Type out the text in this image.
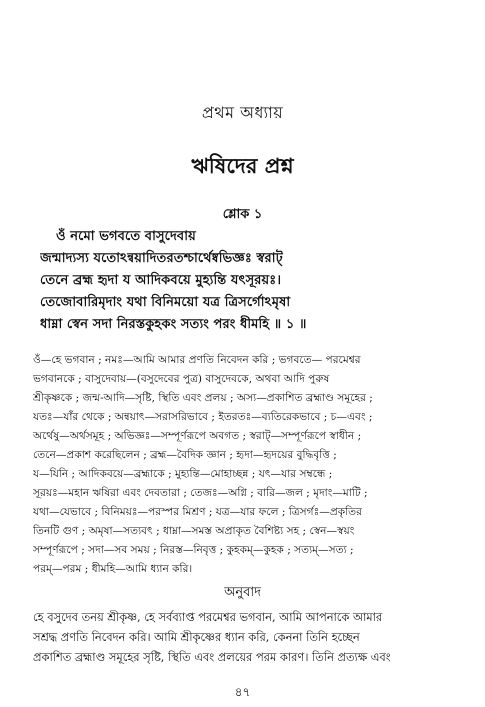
প্রথম অধ্যায়
ঋষিদের প্রশ্ন
শ্লোক ১
ওঁ নমো ভগবতে বাসুদেবায়
জন্মাদ্যস্য যতোঽন্বয়াদিতরতশ্চার্থেষ্বভিজ্ঞঃ স্বরাট্
তেনে ব্রহ্ম হৃদা য আদিকবয়ে মুহ্যন্তি যৎসূরয়ঃ।
তেজোবারিমৃদাং যথা বিনিময়ো যত্র ত্রিসর্গোঽমৃষা
ধাম্না স্বেন সদা নিরস্তকুহকং সত্যং পরং ধীমহি ॥ ১ ॥
ওঁ—হে ভগবান ; নমঃ—আমি আমার প্রণতি নিবেদন করি ; ভগবতে— পরমেশ্বর
ভগবানকে ; বাসুদেবায়—(বসুদেবের পুত্র) বাসুদেবকে, অথবা আদি পুরুষ
শ্রীকৃষ্ণকে ; জন্ম-আদি—সৃষ্টি, স্থিতি এবং প্রলয় ; অস্য—প্রকাশিত ব্রহ্মাণ্ড সমূহের ;
যতঃ—যাঁর থেকে ; অন্বয়াৎ—সরাসরিভাবে ; ইতরতঃ—ব্যতিরেকভাবে ; চ—এবং ;
অর্থেষু—অর্থসমূহ ; অভিজ্ঞঃ—সম্পূর্ণরূপে অবগত ; স্বরাট্—সম্পূর্ণরূপে স্বাধীন ;
তেনে—প্রকাশ করেছিলেন ; ব্রহ্ম—বৈদিক জ্ঞান ; হৃদা—হৃদয়ের বুদ্ধিবৃত্তি ;
য—যিনি ; আদিকবয়ে—ব্রহ্মাকে ; মুহ্যন্তি—মোহাচ্ছন্ন ; যৎ—যার সম্বন্ধে ;
সূরয়ঃ—মহান ঋষিরা এবং দেবতারা ; তেজঃ—অগ্নি ; বারি—জল ; মৃদাং—মাটি ;
যথা—যেভাবে ; বিনিময়ঃ—পরস্পর মিশ্রণ ; যত্র—যার ফলে ; ত্রিসর্গঃ—প্রকৃতির
তিনটি গুণ ; অমৃষা—সত্যবৎ ; ধাম্না—সমস্ত অপ্রাকৃত বৈশিষ্ট্য সহ ; স্বেন—স্বয়ং
সম্পূর্ণরূপে ; সদা—সব সময় ; নিরস্ত—নিবৃত্ত ; কুহকম্—কুহক ; সত্যম্—সত্য ;
পরম্—পরম ; ধীমহি—আমি ধ্যান করি।
অনুবাদ
হে বসুদেব তনয় শ্রীকৃষ্ণ, হে সর্বব্যাপ্ত পরমেশ্বর ভগবান, আমি আপনাকে আমার
সশ্রদ্ধ প্রণতি নিবেদন করি। আমি শ্রীকৃষ্ণের ধ্যান করি, কেননা তিনি হচ্ছেন
প্রকাশিত ব্রহ্মাণ্ড সমূহের সৃষ্টি, স্থিতি এবং প্রলয়ের পরম কারণ। তিনি প্রত্যক্ষ এবং
৪৭
